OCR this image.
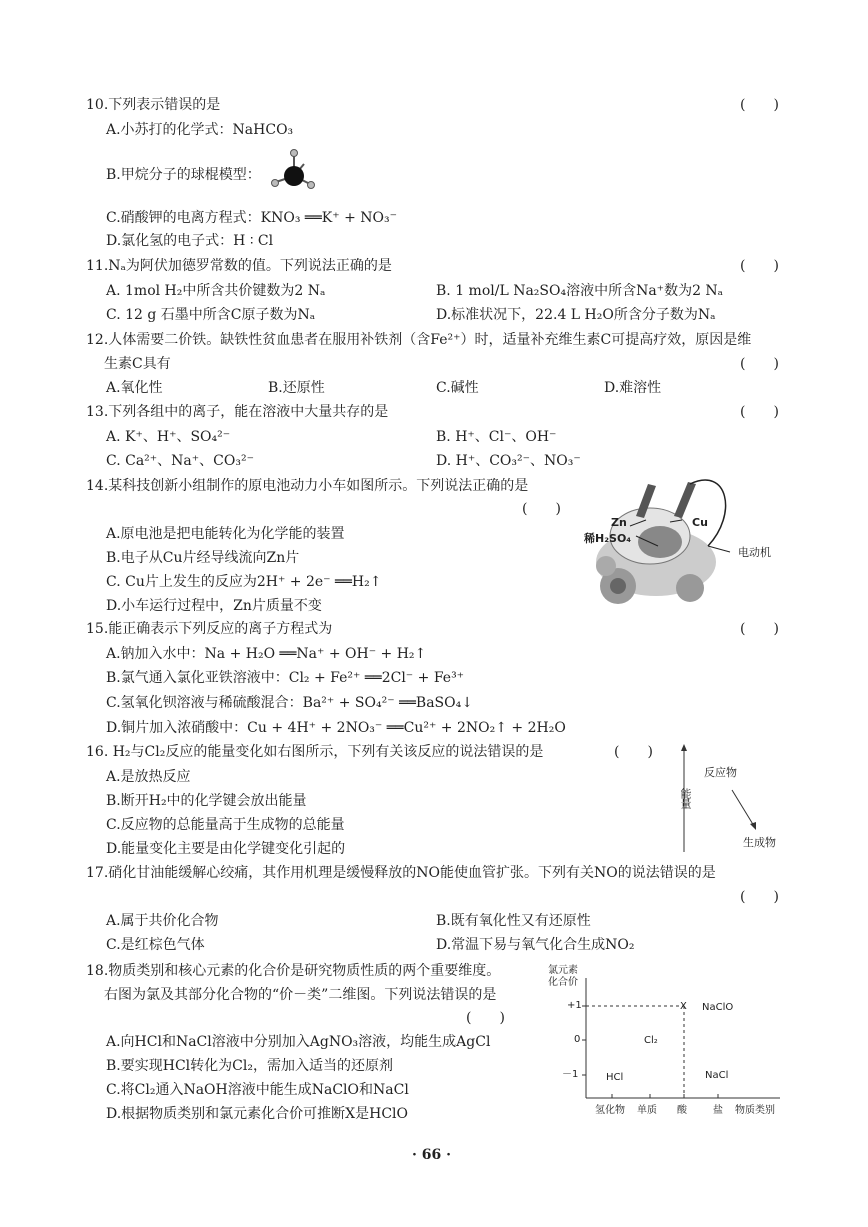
10.下列表示错误的是	(　　)
A.小苏打的化学式：NaHCO₃
B.甲烷分子的球棍模型：
C.硝酸钾的电离方程式：KNO₃ ══K⁺ + NO₃⁻
D.氯化氢的电子式：H ∶ Cl
11.Nₐ为阿伏加德罗常数的值。下列说法正确的是	(　　)
A. 1mol H₂中所含共价键数为2 Nₐ	B. 1 mol/L Na₂SO₄溶液中所含Na⁺数为2 Nₐ
C. 12 g 石墨中所含C原子数为Nₐ	D.标准状况下，22.4 L H₂O所含分子数为Nₐ
12.人体需要二价铁。缺铁性贫血患者在服用补铁剂（含Fe²⁺）时，适量补充维生素C可提高疗效，原因是维
生素C具有	(　　)
A.氧化性	B.还原性	C.碱性	D.难溶性
13.下列各组中的离子，能在溶液中大量共存的是	(　　)
A. K⁺、H⁺、SO₄²⁻	B. H⁺、Cl⁻、OH⁻
C. Ca²⁺、Na⁺、CO₃²⁻	D. H⁺、CO₃²⁻、NO₃⁻
14.某科技创新小组制作的原电池动力小车如图所示。下列说法正确的是
(　　)
A.原电池是把电能转化为化学能的装置
B.电子从Cu片经导线流向Zn片
C. Cu片上发生的反应为2H⁺ + 2e⁻ ══H₂↑
D.小车运行过程中，Zn片质量不变
Zn	Cu
稀H₂SO₄
电动机
15.能正确表示下列反应的离子方程式为	(　　)
A.钠加入水中：Na + H₂O ══Na⁺ + OH⁻ + H₂↑
B.氯气通入氯化亚铁溶液中：Cl₂ + Fe²⁺ ══2Cl⁻ + Fe³⁺
C.氢氧化钡溶液与稀硫酸混合：Ba²⁺ + SO₄²⁻ ══BaSO₄↓
D.铜片加入浓硝酸中：Cu + 4H⁺ + 2NO₃⁻ ══Cu²⁺ + 2NO₂↑ + 2H₂O
16. H₂与Cl₂反应的能量变化如右图所示，下列有关该反应的说法错误的是	(　　)
A.是放热反应
B.断开H₂中的化学键会放出能量
C.反应物的总能量高于生成物的总能量
D.能量变化主要是由化学键变化引起的
能量
反应物
生成物
17.硝化甘油能缓解心绞痛，其作用机理是缓慢释放的NO能使血管扩张。下列有关NO的说法错误的是
(　　)
A.属于共价化合物	B.既有氧化性又有还原性
C.是红棕色气体	D.常温下易与氧气化合生成NO₂
18.物质类别和核心元素的化合价是研究物质性质的两个重要维度。
右图为氯及其部分化合物的“价－类”二维图。下列说法错误的是
(　　)
A.向HCl和NaCl溶液中分别加入AgNO₃溶液，均能生成AgCl
B.要实现HCl转化为Cl₂，需加入适当的还原剂
C.将Cl₂通入NaOH溶液中能生成NaClO和NaCl
D.根据物质类别和氯元素化合价可推断X是HClO
氯元素
化合价
+1
0
－1
氢化物 单质 酸	盐 物质类别
X NaClO
Cl₂
HCl	NaCl
· 66 ·
